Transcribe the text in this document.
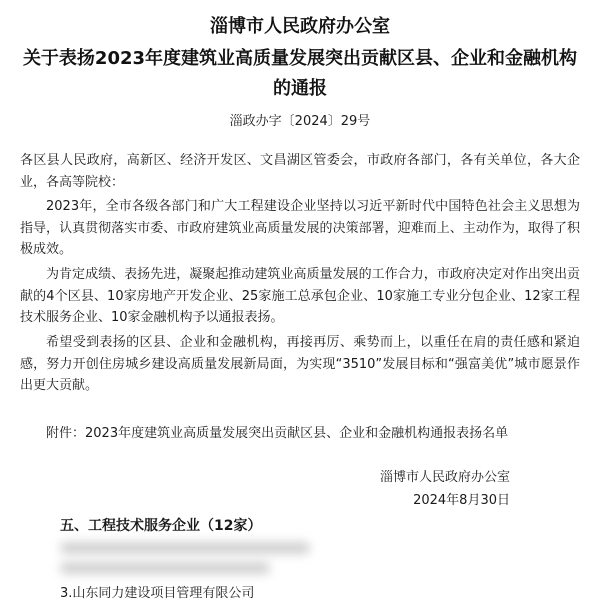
淄博市人民政府办公室
关于表扬2023年度建筑业高质量发展突出贡献区县、企业和金融机构的通报
淄政办字〔2024〕29号

各区县人民政府，高新区、经济开发区、文昌湖区管委会，市政府各部门，各有关单位，各大企业，各高等院校：

2023年，全市各级各部门和广大工程建设企业坚持以习近平新时代中国特色社会主义思想为指导，认真贯彻落实市委、市政府建筑业高质量发展的决策部署，迎难而上、主动作为，取得了积极成效。

为肯定成绩、表扬先进，凝聚起推动建筑业高质量发展的工作合力，市政府决定对作出突出贡献的4个区县、10家房地产开发企业、25家施工总承包企业、10家施工专业分包企业、12家工程技术服务企业、10家金融机构予以通报表扬。

希望受到表扬的区县、企业和金融机构，再接再厉、乘势而上，以重任在肩的责任感和紧迫感，努力开创住房城乡建设高质量发展新局面，为实现“3510”发展目标和“强富美优”城市愿景作出更大贡献。

附件：2023年度建筑业高质量发展突出贡献区县、企业和金融机构通报表扬名单

淄博市人民政府办公室
2024年8月30日
五、工程技术服务企业（12家）
3.山东同力建设项目管理有限公司
